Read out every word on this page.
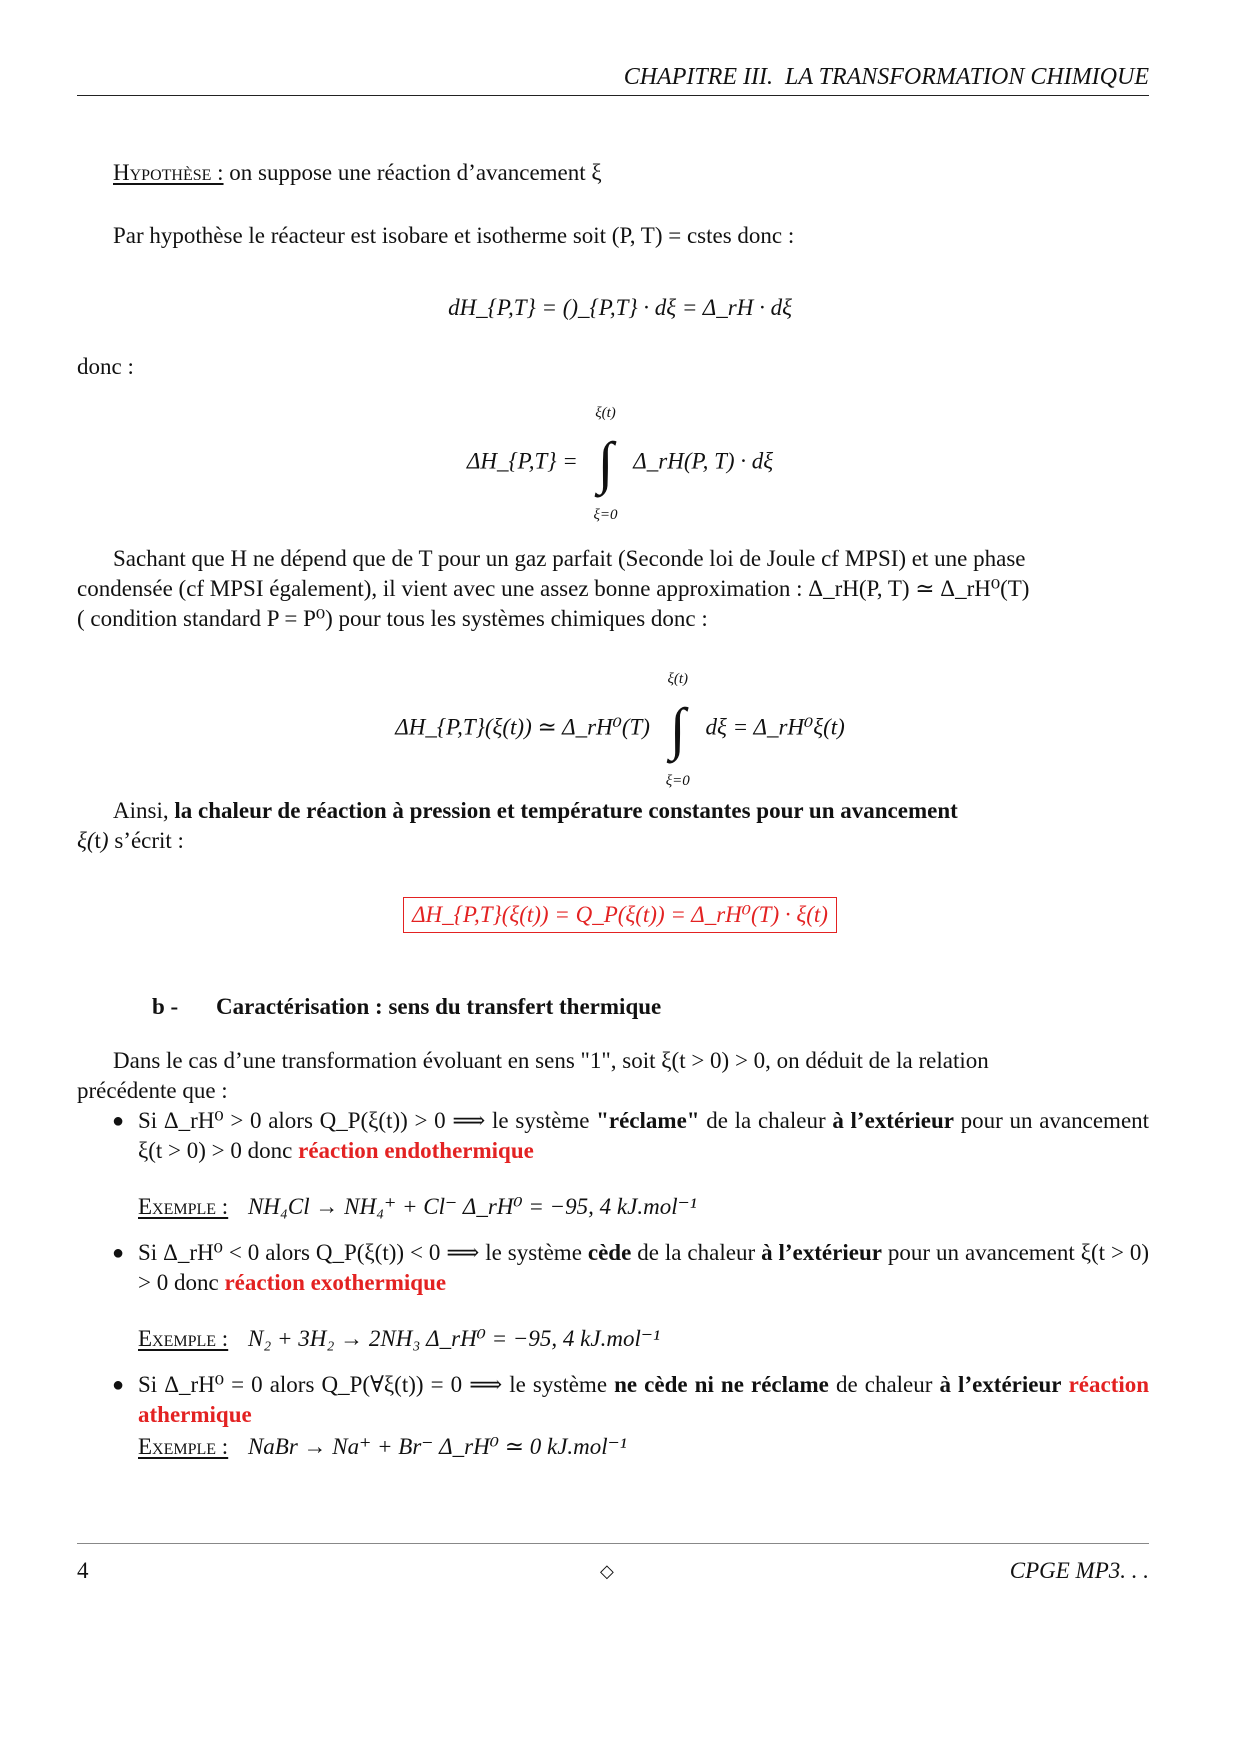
CHAPITRE III.  LA TRANSFORMATION CHIMIQUE
Hypothèse : on suppose une réaction d’avancement ξ
Par hypothèse le réacteur est isobare et isotherme soit (P, T) = cstes donc :
dH_{P,T} = ()_{P,T} · dξ = Δ_rH · dξ
donc :
ΔH_{P,T} =
ξ(t)
∫
ξ=0
Δ_rH(P, T) · dξ
Sachant que H ne dépend que de T pour un gaz parfait (Seconde loi de Joule cf MPSI) et une phase
condensée (cf MPSI également), il vient avec une assez bonne approximation : Δ_rH(P, T) ≃ Δ_rH⁰(T)
( condition standard P = P⁰) pour tous les systèmes chimiques donc :
ΔH_{P,T}(ξ(t)) ≃ Δ_rH⁰(T)
ξ(t)
∫
ξ=0
dξ = Δ_rH⁰ξ(t)
Ainsi, la chaleur de réaction à pression et température constantes pour un avancement
ξ(t) s’écrit :
ΔH_{P,T}(ξ(t)) = Q_P(ξ(t)) = Δ_rH⁰(T) · ξ(t)
b - Caractérisation : sens du transfert thermique
Dans le cas d’une transformation évoluant en sens "1", soit ξ(t > 0) > 0, on déduit de la relation
précédente que :
● Si Δ_rH⁰ > 0 alors Q_P(ξ(t)) > 0 ⟹ le système "réclame" de la chaleur à l’extérieur pour un avancement ξ(t > 0) > 0 donc réaction endothermique
Exemple : NH₄Cl → NH₄⁺ + Cl⁻ Δ_rH⁰ = −95, 4 kJ.mol⁻¹
● Si Δ_rH⁰ < 0 alors Q_P(ξ(t)) < 0 ⟹ le système cède de la chaleur à l’extérieur pour un avancement ξ(t > 0) > 0 donc réaction exothermique
Exemple : N₂ + 3H₂ → 2NH₃ Δ_rH⁰ = −95, 4 kJ.mol⁻¹
● Si Δ_rH⁰ = 0 alors Q_P(∀ξ(t)) = 0 ⟹ le système ne cède ni ne réclame de chaleur à l’extérieur réaction athermique
Exemple : NaBr → Na⁺ + Br⁻ Δ_rH⁰ ≃ 0 kJ.mol⁻¹
4	◇	CPGE MP3. . .
